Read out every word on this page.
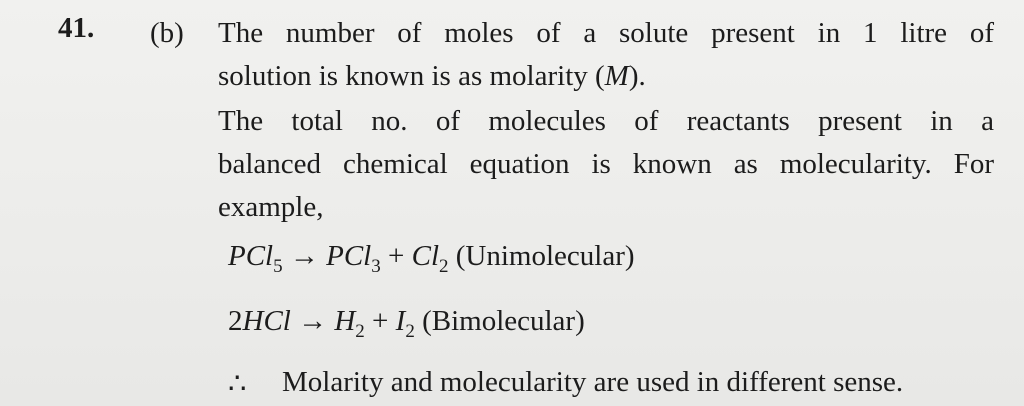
41. (b) The number of moles of a solute present in 1 litre of
solution is known is as molarity (M).
The total no. of molecules of reactants present in a
balanced chemical equation is known as molecularity. For
example,
$PCl_5 \to PCl_3 + Cl_2$ (Unimolecular)
$2HCl \to H_2 + I_2$ (Bimolecular)
∴ Molarity and molecularity are used in different sense.
